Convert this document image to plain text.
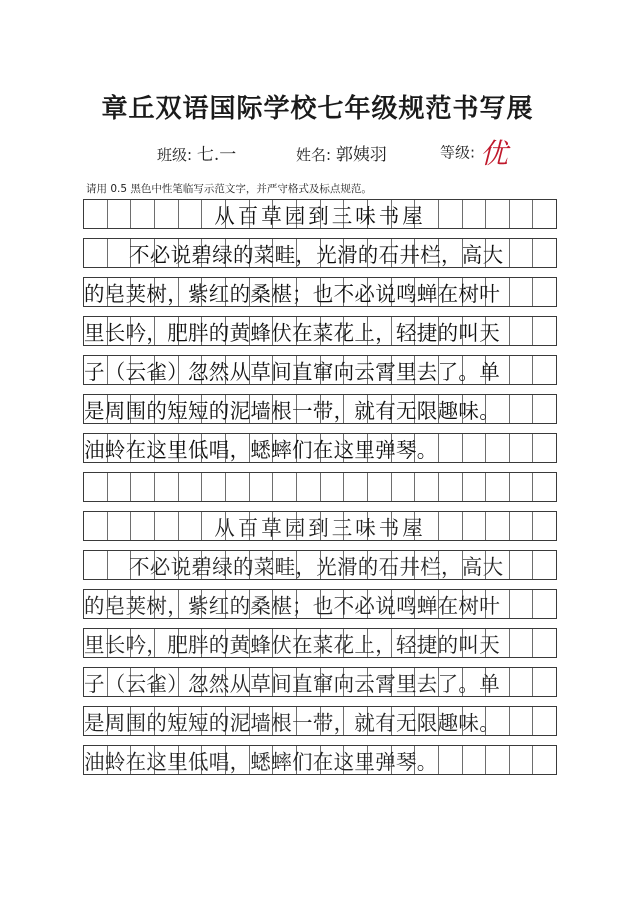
章丘双语国际学校七年级规范书写展
班级: 七.一	姓名: 郭姨羽	等级: 优
请用 0.5 黑色中性笔临写示范文字，并严守格式及标点规范。
从百草园到三味书屋
不必说碧绿的菜畦，光滑的石井栏，高大
的皂荚树，紫红的桑椹；也不必说鸣蝉在树叶
里长吟，肥胖的黄蜂伏在菜花上，轻捷的叫天
子（云雀）忽然从草间直窜向云霄里去了。单
是周围的短短的泥墙根一带，就有无限趣味。
油蛉在这里低唱，蟋蟀们在这里弹琴。
从百草园到三味书屋
不必说碧绿的菜畦，光滑的石井栏，高大
的皂荚树，紫红的桑椹；也不必说鸣蝉在树叶
里长吟，肥胖的黄蜂伏在菜花上，轻捷的叫天
子（云雀）忽然从草间直窜向云霄里去了。单
是周围的短短的泥墙根一带，就有无限趣味。
油蛉在这里低唱，蟋蟀们在这里弹琴。
